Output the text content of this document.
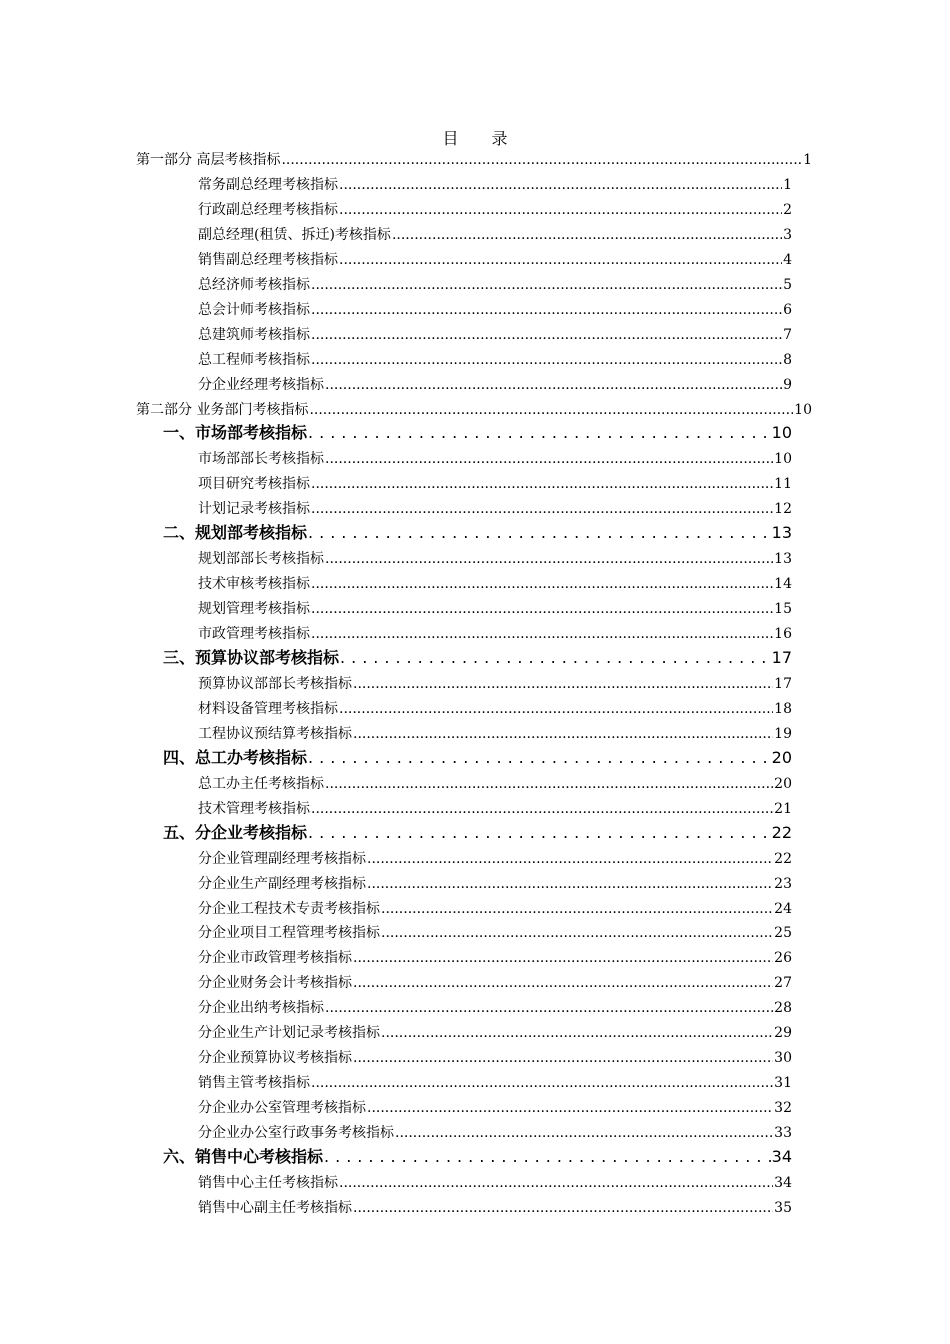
目 录
第一部分 高层考核指标 .....	1
常务副总经理考核指标 .....	1
行政副总经理考核指标 .....	2
副总经理(租赁、拆迁)考核指标 .....	3
销售副总经理考核指标 .....	4
总经济师考核指标 .....	5
总会计师考核指标 .....	6
总建筑师考核指标 .....	7
总工程师考核指标 .....	8
分企业经理考核指标 .....	9
第二部分 业务部门考核指标 .....	10
一、市场部考核指标 .....	10
市场部部长考核指标 .....	10
项目研究考核指标 .....	11
计划记录考核指标 .....	12
二、规划部考核指标 .....	13
规划部部长考核指标 .....	13
技术审核考核指标 .....	14
规划管理考核指标 .....	15
市政管理考核指标 .....	16
三、预算协议部考核指标 .....	17
预算协议部部长考核指标 .....	17
材料设备管理考核指标 .....	18
工程协议预结算考核指标 .....	19
四、总工办考核指标 .....	20
总工办主任考核指标 .....	20
技术管理考核指标 .....	21
五、分企业考核指标 .....	22
分企业管理副经理考核指标 .....	22
分企业生产副经理考核指标 .....	23
分企业工程技术专责考核指标 .....	24
分企业项目工程管理考核指标 .....	25
分企业市政管理考核指标 .....	26
分企业财务会计考核指标 .....	27
分企业出纳考核指标 .....	28
分企业生产计划记录考核指标 .....	29
分企业预算协议考核指标 .....	30
销售主管考核指标 .....	31
分企业办公室管理考核指标 .....	32
分企业办公室行政事务考核指标 .....	33
六、销售中心考核指标 .....	34
销售中心主任考核指标 .....	34
销售中心副主任考核指标 .....	35
